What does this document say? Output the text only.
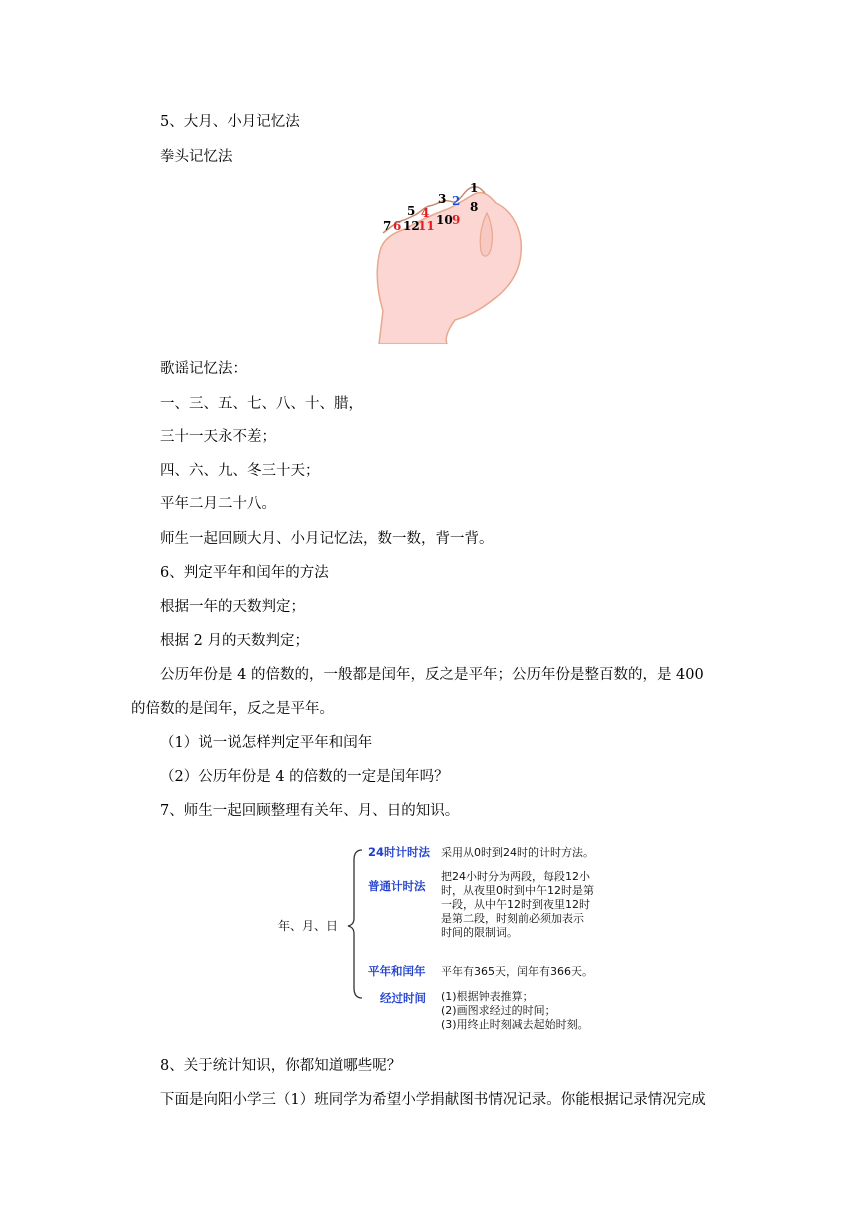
5、大月、小月记忆法
拳头记忆法
7 6 12
11
5 4 10
3
9
2
1
8
歌谣记忆法：
一、三、五、七、八、十、腊，
三十一天永不差；
四、六、九、冬三十天；
平年二月二十八。
师生一起回顾大月、小月记忆法，数一数，背一背。
6、判定平年和闰年的方法
根据一年的天数判定；
根据 2 月的天数判定；
公历年份是 4 的倍数的，一般都是闰年，反之是平年；公历年份是整百数的，是 400
的倍数的是闰年，反之是平年。
（1）说一说怎样判定平年和闰年
（2）公历年份是 4 的倍数的一定是闰年吗？
7、师生一起回顾整理有关年、月、日的知识。
年、月、日
24时计时法 采用从0时到24时的计时方法。
普通计时法
把24小时分为两段，每段12小
时，从夜里0时到中午12时是第
一段，从中午12时到夜里12时
是第二段，时刻前必须加表示
时间的限制词。
平年和闰年 平年有365天，闰年有366天。
经过时间 (1)根据钟表推算；
(2)画图求经过的时间；
(3)用终止时刻减去起始时刻。
8、关于统计知识，你都知道哪些呢？
下面是向阳小学三（1）班同学为希望小学捐献图书情况记录。你能根据记录情况完成
